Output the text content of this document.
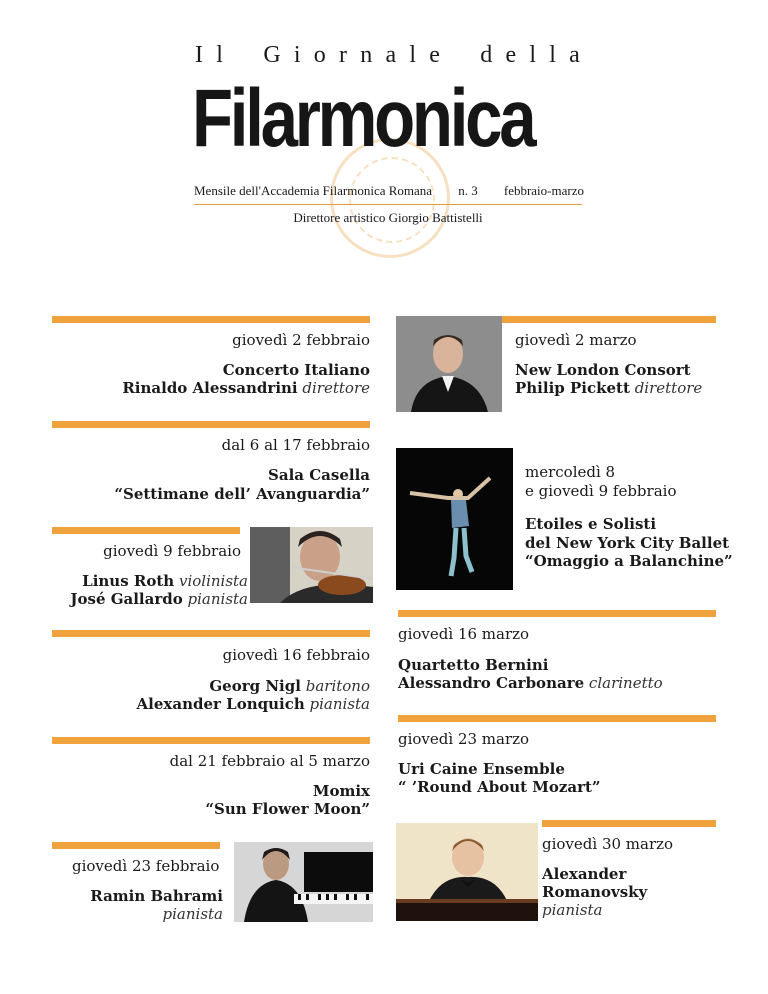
I l G i o r n a l e d e l l a
Filarmonica
Mensile dell'Accademia Filarmonica Romana n. 3 febbraio-marzo
Direttore artistico Giorgio Battistelli
giovedì 2 febbraio
Concerto Italiano
Rinaldo Alessandrini direttore
giovedì 2 marzo
New London Consort
Philip Pickett direttore
dal 6 al 17 febbraio
Sala Casella
“Settimane dell’ Avanguardia”
mercoledì 8
e giovedì 9 febbraio
Etoiles e Solisti
del New York City Ballet
“Omaggio a Balanchine”
giovedì 9 febbraio
Linus Roth violinista
José Gallardo pianista
giovedì 16 marzo
Quartetto Bernini
Alessandro Carbonare clarinetto
giovedì 16 febbraio
Georg Nigl baritono
Alexander Lonquich pianista
giovedì 23 marzo
Uri Caine Ensemble
“ ’Round About Mozart”
dal 21 febbraio al 5 marzo
Momix
“Sun Flower Moon”
giovedì 30 marzo
Alexander
Romanovsky
pianista
giovedì 23 febbraio
Ramin Bahrami
pianista
